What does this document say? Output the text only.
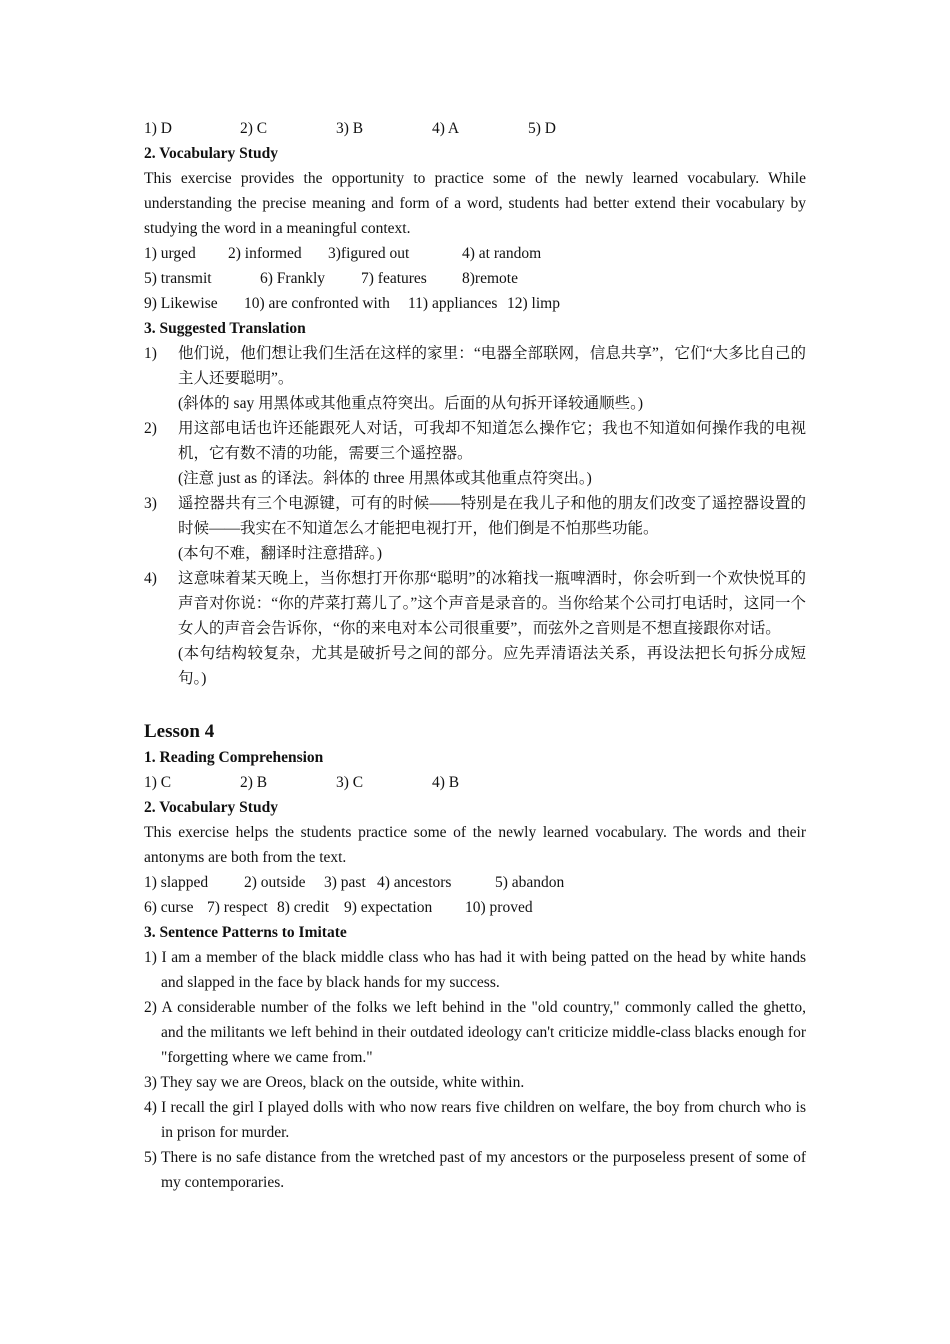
1) D	2) C	3) B	4) A	5) D
2. Vocabulary Study
This exercise provides the opportunity to practice some of the newly learned vocabulary. While understanding the precise meaning and form of a word, students had better extend their vocabulary by studying the word in a meaningful context.
1) urged 2) informed 3)figured out	4) at random
5) transmit	6) Frankly 7) features 8)remote
9) Likewise 10) are confronted with 11) appliances 12) limp
3. Suggested Translation
1)	他们说，他们想让我们生活在这样的家里：“电器全部联网，信息共享”，它们“大多比自己的主人还要聪明”。
(斜体的 say 用黑体或其他重点符突出。后面的从句拆开译较通顺些。)
2)	用这部电话也许还能跟死人对话，可我却不知道怎么操作它；我也不知道如何操作我的电视机，它有数不清的功能，需要三个遥控器。
(注意 just as 的译法。斜体的 three 用黑体或其他重点符突出。)
3)	遥控器共有三个电源键，可有的时候——特别是在我儿子和他的朋友们改变了遥控器设置的时候——我实在不知道怎么才能把电视打开，他们倒是不怕那些功能。
(本句不难，翻译时注意措辞。)
4)	这意味着某天晚上，当你想打开你那“聪明”的冰箱找一瓶啤酒时，你会听到一个欢快悦耳的声音对你说：“你的芹菜打蔫儿了。”这个声音是录音的。当你给某个公司打电话时，这同一个女人的声音会告诉你，“你的来电对本公司很重要”，而弦外之音则是不想直接跟你对话。
(本句结构较复杂，尤其是破折号之间的部分。应先弄清语法关系，再设法把长句拆分成短句。)
Lesson 4
1. Reading Comprehension
1) C	2) B	3) C	4) B
2. Vocabulary Study
This exercise helps the students practice some of the newly learned vocabulary. The words and their antonyms are both from the text.
1) slapped 2) outside 3) past 4) ancestors	5) abandon
6) curse 7) respect 8) credit 9) expectation 10) proved
3. Sentence Patterns to Imitate
1) I am a member of the black middle class who has had it with being patted on the head by white hands and slapped in the face by black hands for my success.
2) A considerable number of the folks we left behind in the "old country," commonly called the ghetto, and the militants we left behind in their outdated ideology can't criticize middle-class blacks enough for "forgetting where we came from."
3) They say we are Oreos, black on the outside, white within.
4) I recall the girl I played dolls with who now rears five children on welfare, the boy from church who is in prison for murder.
5) There is no safe distance from the wretched past of my ancestors or the purposeless present of some of my contemporaries.
